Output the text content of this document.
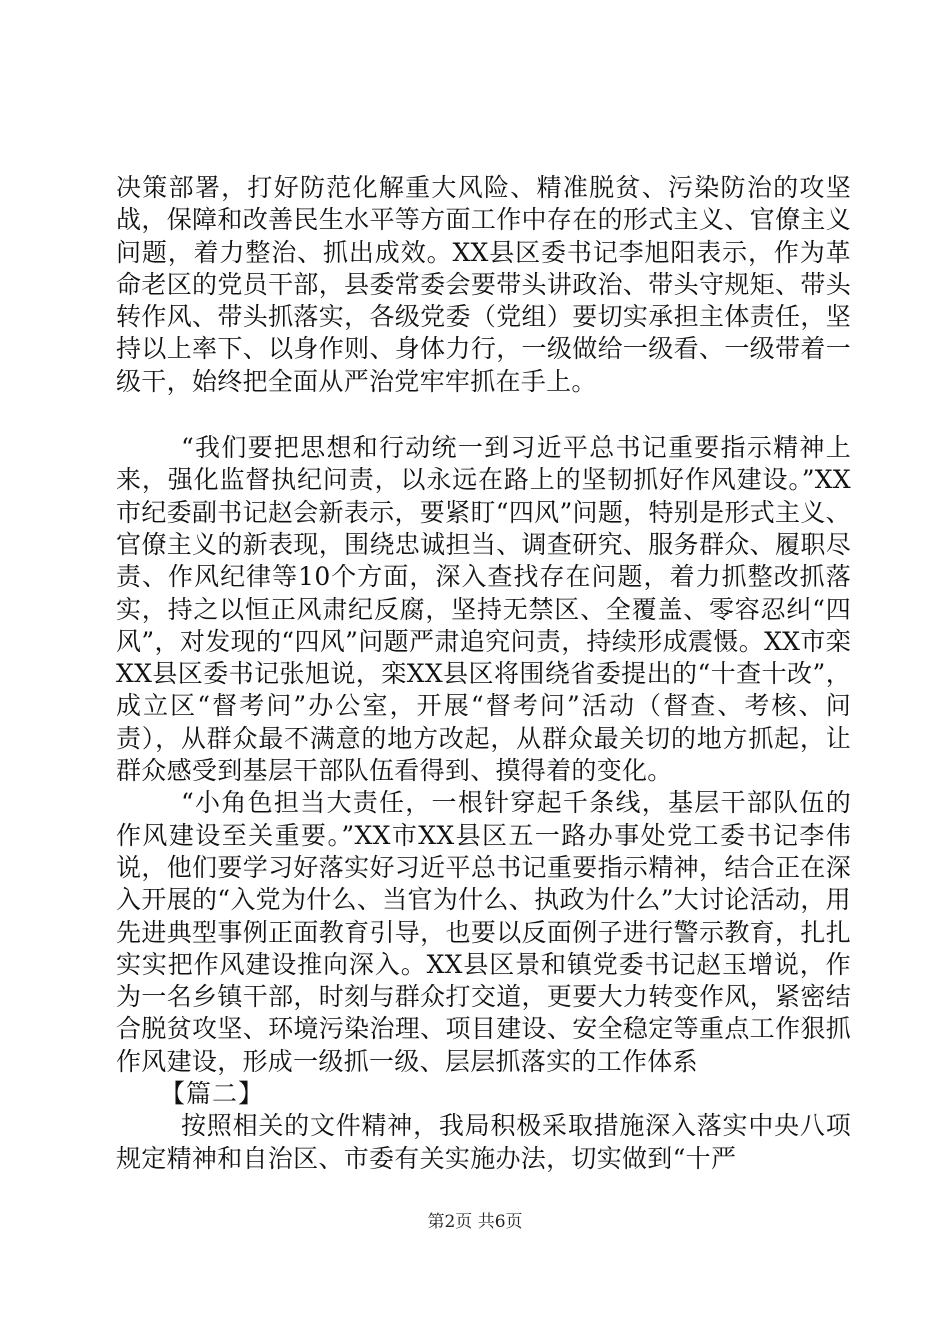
决策部署，打好防范化解重大风险、精准脱贫、污染防治的攻坚战，保障和改善民生水平等方面工作中存在的形式主义、官僚主义问题，着力整治、抓出成效。XX县区委书记李旭阳表示，作为革命老区的党员干部，县委常委会要带头讲政治、带头守规矩、带头转作风、带头抓落实，各级党委（党组）要切实承担主体责任，坚持以上率下、以身作则、身体力行，一级做给一级看、一级带着一级干，始终把全面从严治党牢牢抓在手上。

“我们要把思想和行动统一到习近平总书记重要指示精神上来，强化监督执纪问责，以永远在路上的坚韧抓好作风建设。”XX市纪委副书记赵会新表示，要紧盯“四风”问题，特别是形式主义、官僚主义的新表现，围绕忠诚担当、调查研究、服务群众、履职尽责、作风纪律等10个方面，深入查找存在问题，着力抓整改抓落实，持之以恒正风肃纪反腐，坚持无禁区、全覆盖、零容忍纠“四风”，对发现的“四风”问题严肃追究问责，持续形成震慑。XX市栾XX县区委书记张旭说，栾XX县区将围绕省委提出的“十查十改”，成立区“督考问”办公室，开展“督考问”活动（督查、考核、问责），从群众最不满意的地方改起，从群众最关切的地方抓起，让群众感受到基层干部队伍看得到、摸得着的变化。

“小角色担当大责任，一根针穿起千条线，基层干部队伍的作风建设至关重要。”XX市XX县区五一路办事处党工委书记李伟说，他们要学习好落实好习近平总书记重要指示精神，结合正在深入开展的“入党为什么、当官为什么、执政为什么”大讨论活动，用先进典型事例正面教育引导，也要以反面例子进行警示教育，扎扎实实把作风建设推向深入。XX县区景和镇党委书记赵玉增说，作为一名乡镇干部，时刻与群众打交道，更要大力转变作风，紧密结合脱贫攻坚、环境污染治理、项目建设、安全稳定等重点工作狠抓作风建设，形成一级抓一级、层层抓落实的工作体系

【篇二】

按照相关的文件精神，我局积极采取措施深入落实中央八项规定精神和自治区、市委有关实施办法，切实做到“十严

第2页 共6页
